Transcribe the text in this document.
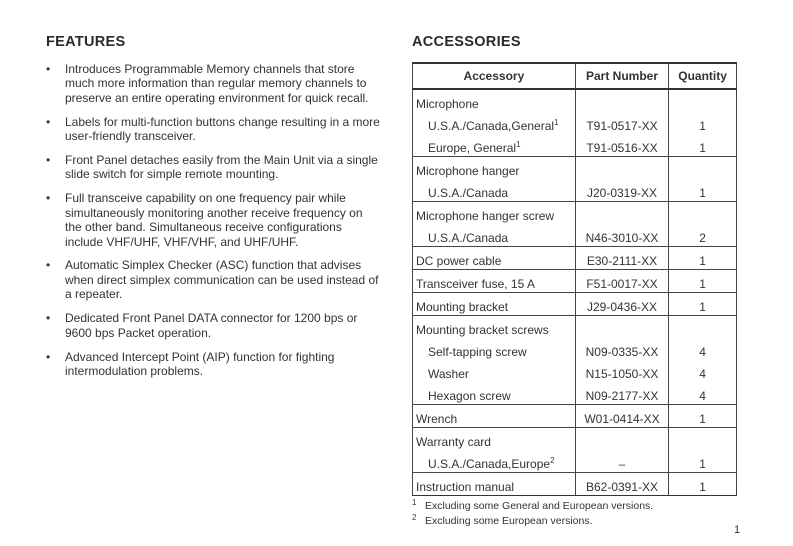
FEATURES
• Introduces Programmable Memory channels that store much more information than regular memory channels to preserve an entire operating environment for quick recall.
• Labels for multi-function buttons change resulting in a more user-friendly transceiver.
• Front Panel detaches easily from the Main Unit via a single slide switch for simple remote mounting.
• Full transceive capability on one frequency pair while simultaneously monitoring another receive frequency on the other band. Simultaneous receive configurations include VHF/UHF, VHF/VHF, and UHF/UHF.
• Automatic Simplex Checker (ASC) function that advises when direct simplex communication can be used instead of a repeater.
• Dedicated Front Panel DATA connector for 1200 bps or 9600 bps Packet operation.
• Advanced Intercept Point (AIP) function for fighting intermodulation problems.
ACCESSORIES
Accessory	Part Number	Quantity
Microphone		
U.S.A./Canada,General$^1$	T91-0517-XX	1
Europe, General$^1$	T91-0516-XX	1
Microphone hanger		
U.S.A./Canada	J20-0319-XX	1
Microphone hanger screw		
U.S.A./Canada	N46-3010-XX	2
DC power cable	E30-2111-XX	1
Transceiver fuse, 15 A	F51-0017-XX	1
Mounting bracket	J29-0436-XX	1
Mounting bracket screws		
Self-tapping screw	N09-0335-XX	4
Washer	N15-1050-XX	4
Hexagon screw	N09-2177-XX	4
Wrench	W01-0414-XX	1
Warranty card		
U.S.A./Canada,Europe$^2$	–	1
Instruction manual	B62-0391-XX	1
1 Excluding some General and European versions.
2 Excluding some European versions.
1
